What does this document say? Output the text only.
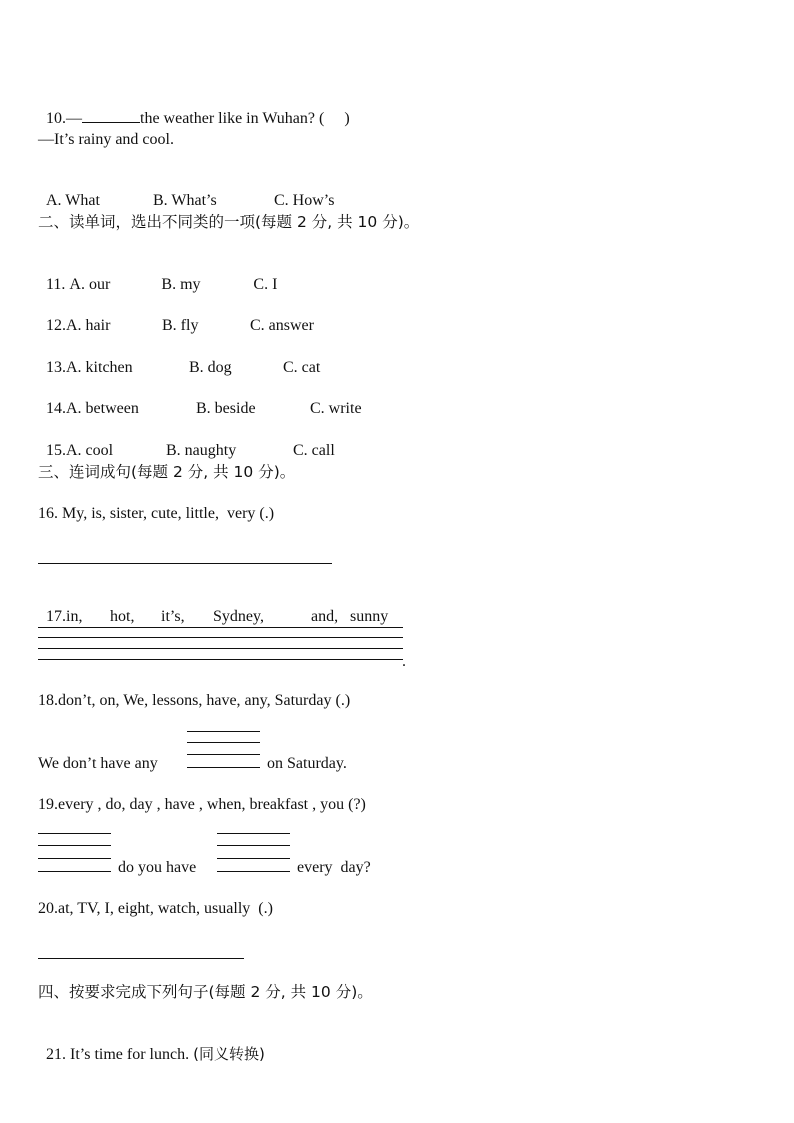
10.—	the weather like in Wuhan? (     )

—It’s rainy and cool.

A. What	B. What’s	C. How’s

二、读单词，选出不同类的一项(每题 2 分, 共 10 分)。

11. A. our	B. my	C. I

12.A. hair	B. fly	C. answer

13.A. kitchen	B. dog	C. cat

14.A. between	B. beside	C. write

15.A. cool	B. naughty	C. call

三、连词成句(每题 2 分, 共 10 分)。
16. My, is, sister, cute, little,  very (.)

17.in, hot, it’s, Sydney,	and, sunny

.
18.don’t, on, We, lessons, have, any, Saturday (.)
We don’t have any	on Saturday.
19.every , do, day , have , when, breakfast , you (?)
do you have	every  day?
20.at, TV, I, eight, watch, usually  (.)
四、按要求完成下列句子(每题 2 分, 共 10 分)。

21. It’s time for lunch. (同义转换)
